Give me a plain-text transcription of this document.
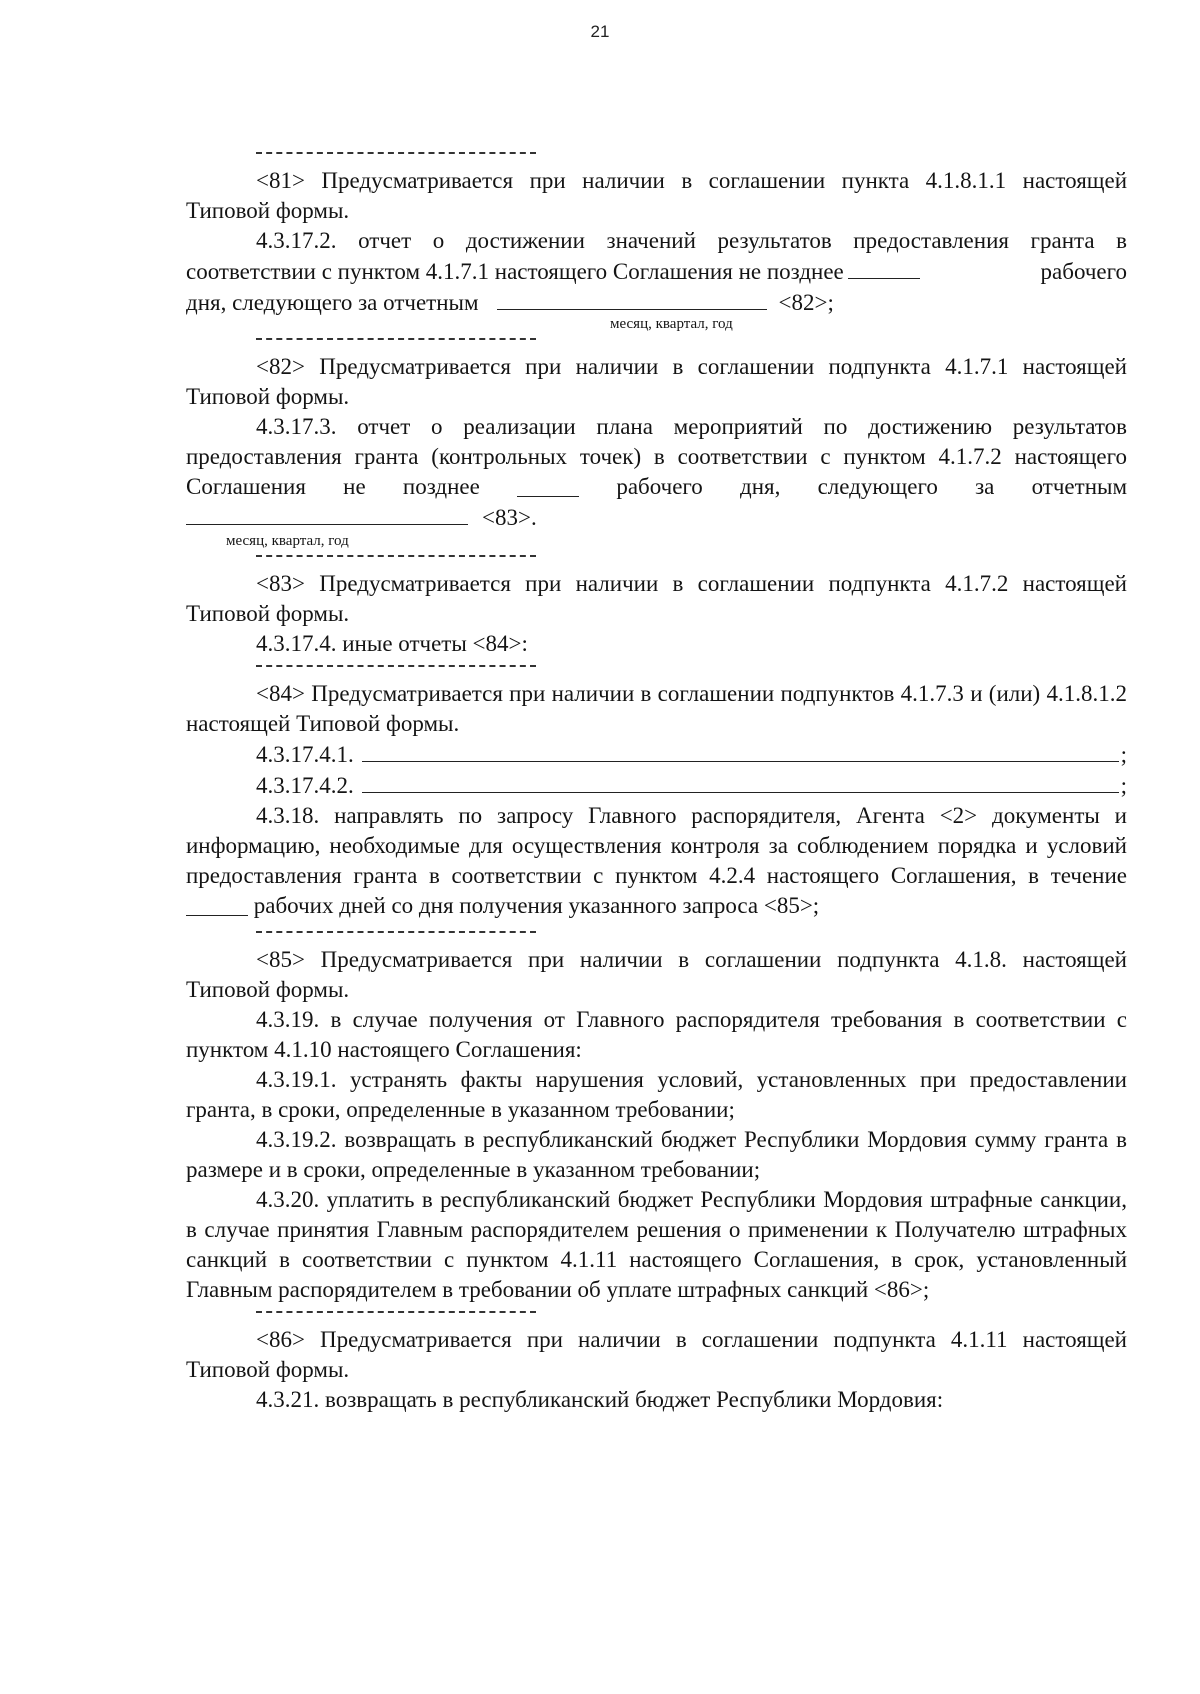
21

<81> Предусматривается при наличии в соглашении пункта 4.1.8.1.1 настоящей Типовой формы.

4.3.17.2. отчет о достижении значений результатов предоставления гранта в
соответствии с пунктом 4.1.7.1 настоящего Соглашения не позднее	рабочего
дня, следующего за отчетным	<82>;
месяц, квартал, год

<82> Предусматривается при наличии в соглашении подпункта 4.1.7.1 настоящей Типовой формы.

4.3.17.3. отчет о реализации плана мероприятий по достижению результатов предоставления гранта (контрольных точек) в соответствии с пунктом 4.1.7.2 настоящего Соглашения не позднее	рабочего дня, следующего за отчетным

<83>.
месяц, квартал, год

<83> Предусматривается при наличии в соглашении подпункта 4.1.7.2 настоящей Типовой формы.

4.3.17.4. иные отчеты <84>:

<84> Предусматривается при наличии в соглашении подпунктов 4.1.7.3 и (или) 4.1.8.1.2 настоящей Типовой формы.

4.3.17.4.1.	;
4.3.17.4.2.	;

4.3.18. направлять по запросу Главного распорядителя, Агента <2> документы и информацию, необходимые для осуществления контроля за соблюдением порядка и условий предоставления гранта в соответствии с пунктом 4.2.4 настоящего Соглашения, в течение  рабочих дней со дня получения указанного запроса <85>;

<85> Предусматривается при наличии в соглашении подпункта 4.1.8. настоящей Типовой формы.

4.3.19. в случае получения от Главного распорядителя требования в соответствии с пунктом 4.1.10 настоящего Соглашения:

4.3.19.1. устранять факты нарушения условий, установленных при предоставлении гранта, в сроки, определенные в указанном требовании;

4.3.19.2. возвращать в республиканский бюджет Республики Мордовия сумму гранта в размере и в сроки, определенные в указанном требовании;

4.3.20. уплатить в республиканский бюджет Республики Мордовия штрафные санкции, в случае принятия Главным распорядителем решения о применении к Получателю штрафных санкций в соответствии с пунктом 4.1.11 настоящего Соглашения, в срок, установленный Главным распорядителем в требовании об уплате штрафных санкций <86>;

<86> Предусматривается при наличии в соглашении подпункта 4.1.11 настоящей Типовой формы.

4.3.21. возвращать в республиканский бюджет Республики Мордовия:
